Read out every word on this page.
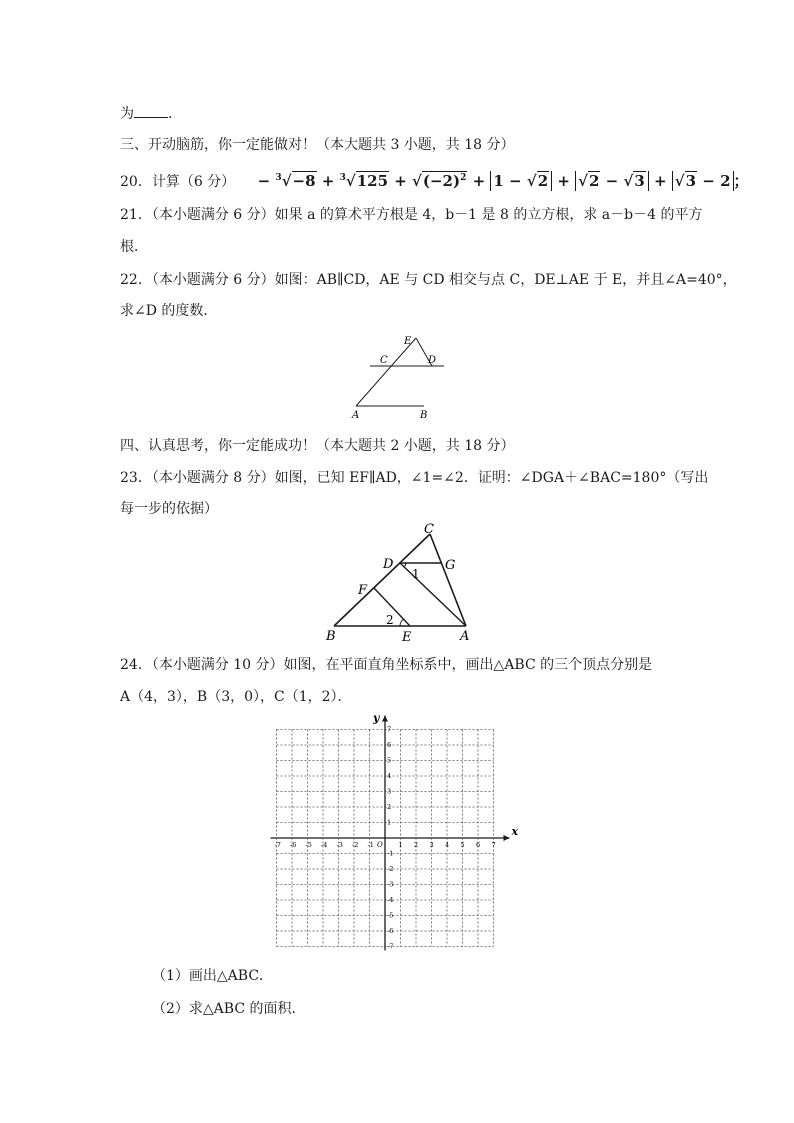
为 .
三、开动脑筋，你一定能做对！（本大题共 3 小题，共 18 分）
20．计算（6 分） − $^3√-8 + ^3√125 + √(-2)^2 + 1 - √2 + √2 - √3 + √3 - 2$ ；
21．（本小题满分 6 分）如果 a 的算术平方根是 4，b－1 是 8 的立方根，求 a－b－4 的平方
根．
22．（本小题满分 6 分）如图：AB∥CD，AE 与 CD 相交与点 C，DE⊥AE 于 E，并且∠A=40°，
求∠D 的度数．
E
C	D
A	B
四、认真思考，你一定能成功！（本大题共 2 小题，共 18 分）
23．（本小题满分 8 分）如图，已知 EF∥AD，∠1=∠2．证明：∠DGA＋∠BAC=180°（写出
每一步的依据）
C
D	G
F
B	E	A
1
2
24．（本小题满分 10 分）如图，在平面直角坐标系中，画出△ABC 的三个顶点分别是
A（4，3），B（3，0），C（1，2）．
x
y
O
-7
-7
-6
-6
-5
-5
-4
-4
-3
-3
-2
-2
-1
-1
1
1
2
2
3
3
4
4
5
5
6
6
7
7
（1）画出△ABC．
（2）求△ABC 的面积．
